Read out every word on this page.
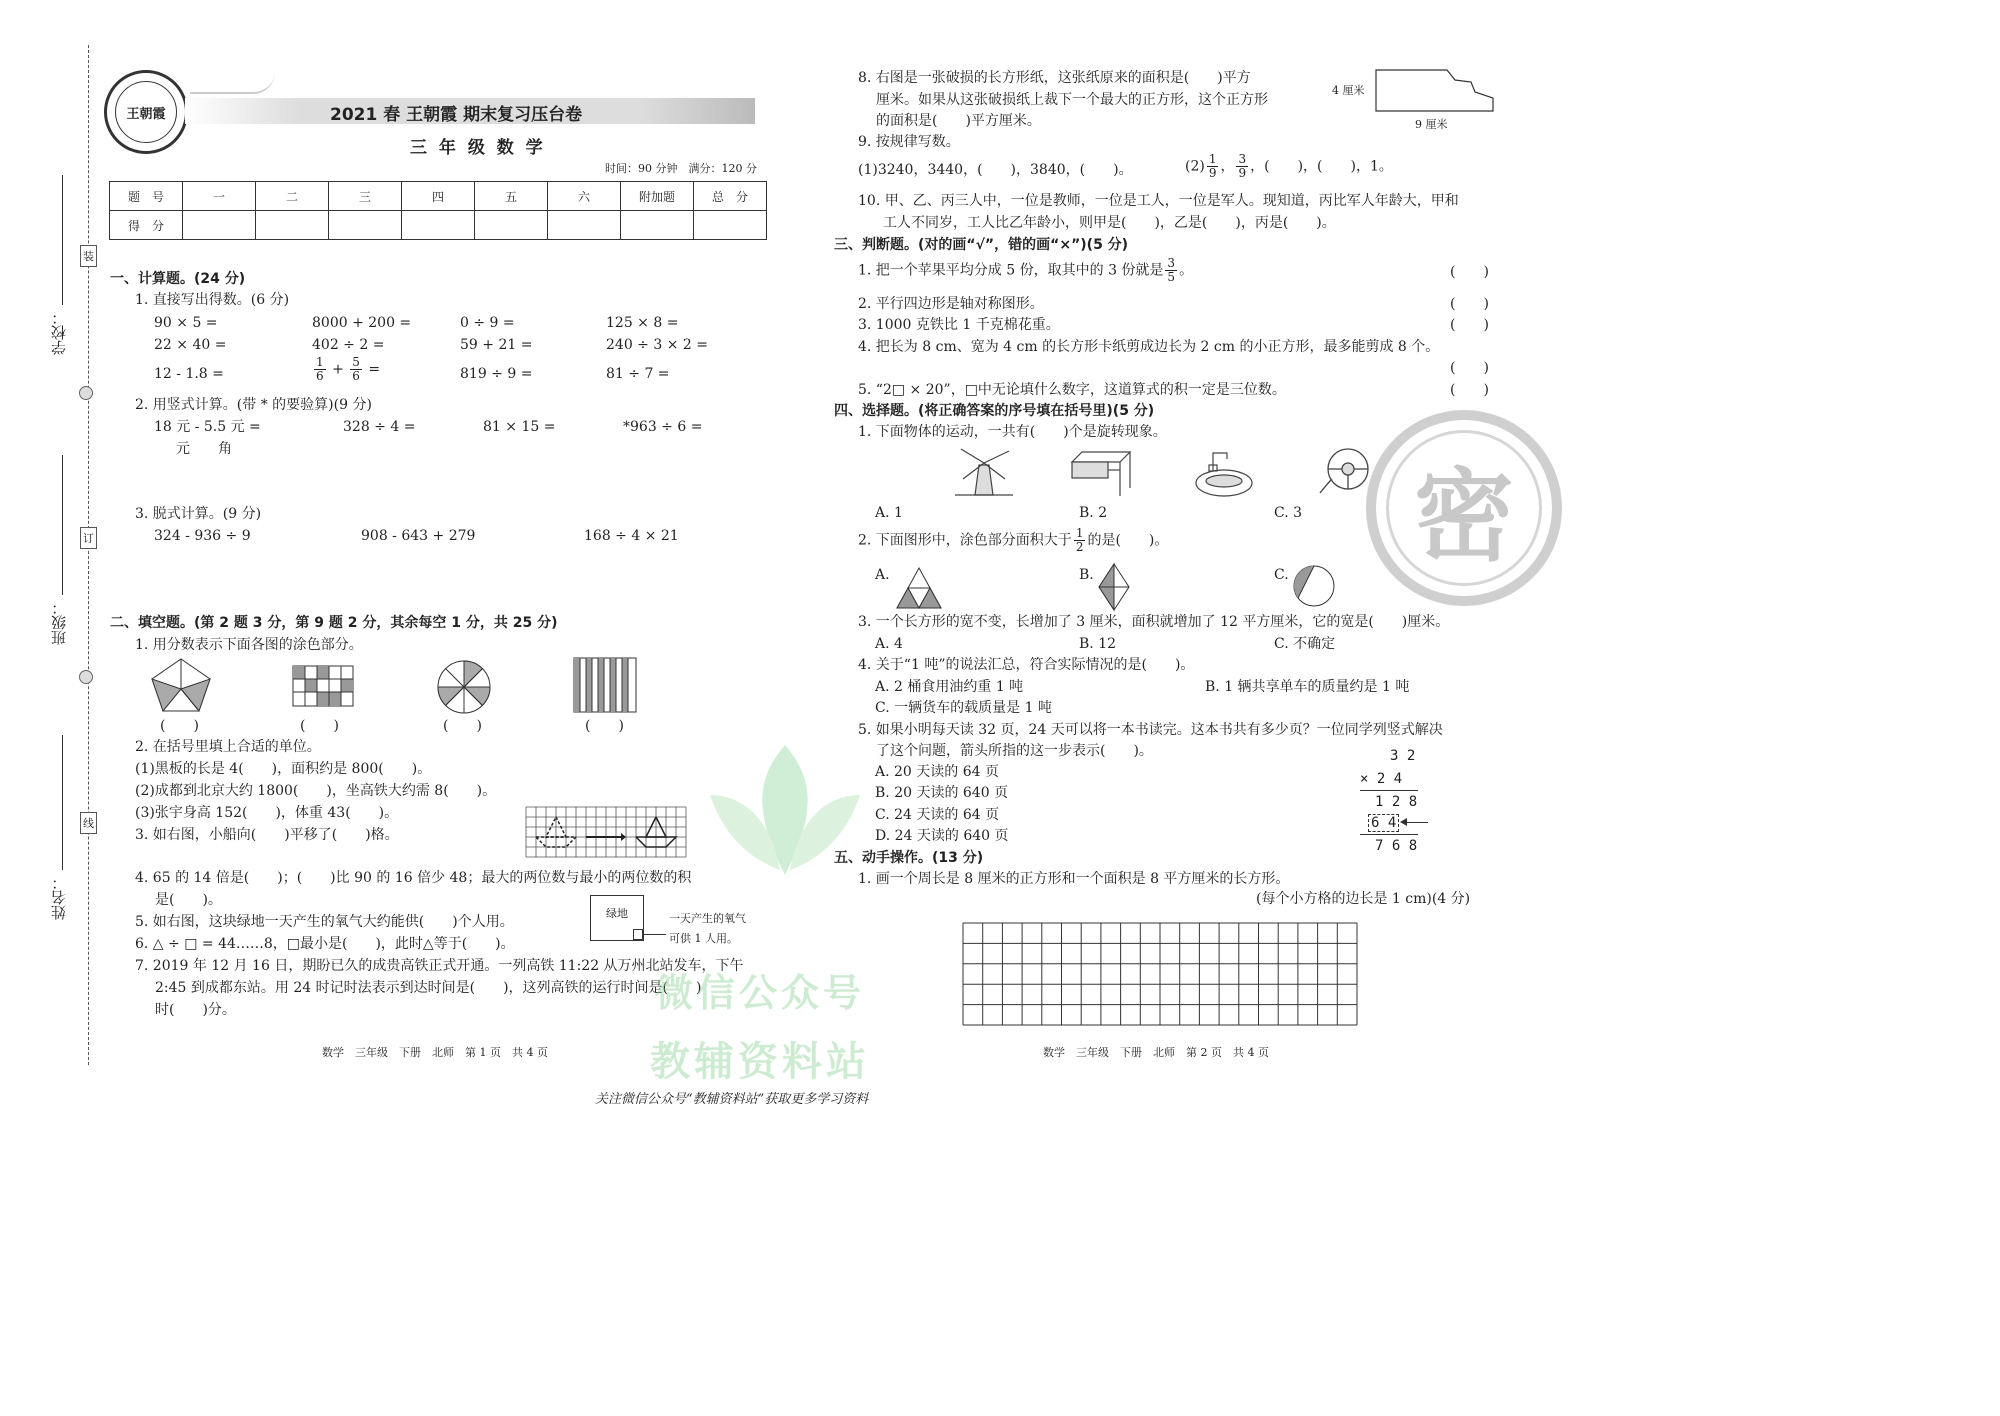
学校：
班级：
姓名：
装
订
线
王朝霞	2021 春 王朝霞 期末复习压台卷
三 年 级 数 学
时间：90 分钟　满分：120 分
题　号	一	二	三	四	五	六	附加题	总　分
得　分								
一、计算题。(24 分)
1. 直接写出得数。(6 分)
90 × 5 =	8000 + 200 =	0 ÷ 9 =	125 × 8 =
22 × 40 =	402 ÷ 2 =	59 + 21 =	240 ÷ 3 × 2 =
12 - 1.8 =	$\frac{1}{6} + \frac{5}{6}$ =	819 ÷ 9 =	81 ÷ 7 =
2. 用竖式计算。(带 * 的要验算)(9 分)
18 元 - 5.5 元 =	328 ÷ 4 =	81 × 15 =	*963 ÷ 6 =
元　　角
3. 脱式计算。(9 分)
324 - 936 ÷ 9	908 - 643 + 279	168 ÷ 4 × 21
二、填空题。(第 2 题 3 分，第 9 题 2 分，其余每空 1 分，共 25 分)
1. 用分数表示下面各图的涂色部分。
(　　)	(　　)	(　　)	(　　)
2. 在括号里填上合适的单位。
(1)黑板的长是 4(　　)，面积约是 800(　　)。
(2)成都到北京大约 1800(　　)，坐高铁大约需 8(　　)。
(3)张宇身高 152(　　)，体重 43(　　)。
3. 如右图，小船向(　　)平移了(　　)格。
4. 65 的 14 倍是(　　)；(　　)比 90 的 16 倍少 48；最大的两位数与最小的两位数的积
是(　　)。
5. 如右图，这块绿地一天产生的氧气大约能供(　　)个人用。
绿地	一天产生的氧气
可供 1 人用。
6. △ ÷ □ = 44……8，□最小是(　　)，此时△等于(　　)。
7. 2019 年 12 月 16 日，期盼已久的成贵高铁正式开通。一列高铁 11:22 从万州北站发车，下午
2:45 到成都东站。用 24 时记时法表示到达时间是(　　)，这列高铁的运行时间是(　　)
时(　　)分。
数学　三年级　下册　北师　第 1 页　共 4 页
8. 右图是一张破损的长方形纸，这张纸原来的面积是(　　)平方
厘米。如果从这张破损纸上裁下一个最大的正方形，这个正方形
的面积是(　　)平方厘米。
4 厘米
9 厘米
9. 按规律写数。
(1)3240，3440，(　　)，3840，(　　)。	$(2) \frac{1}{9}$ ， $\frac{3}{9}$ ，(　　)，(　　)，1。
10. 甲、乙、丙三人中，一位是教师，一位是工人，一位是军人。现知道，丙比军人年龄大，甲和
工人不同岁，工人比乙年龄小，则甲是(　　)，乙是(　　)，丙是(　　)。
三、判断题。(对的画“√”，错的画“×”)(5 分)
1. 把一个苹果平均分成 5 份，取其中的 3 份就是 $\frac{3}{5}$ 。	(　　)
2. 平行四边形是轴对称图形。	(　　)
3. 1000 克铁比 1 千克棉花重。	(　　)
4. 把长为 8 cm、宽为 4 cm 的长方形卡纸剪成边长为 2 cm 的小正方形，最多能剪成 8 个。
(　　)
5. “2□ × 20”，□中无论填什么数字，这道算式的积一定是三位数。	(　　)
四、选择题。(将正确答案的序号填在括号里)(5 分)
1. 下面物体的运动，一共有(　　)个是旋转现象。
A. 1	B. 2	C. 3
2. 下面图形中，涂色部分面积大于 $\frac{1}{2}$ 的是(　　)。
A.	B.	C.
3. 一个长方形的宽不变，长增加了 3 厘米，面积就增加了 12 平方厘米，它的宽是(　　)厘米。
A. 4	B. 12	C. 不确定
4. 关于“1 吨”的说法汇总，符合实际情况的是(　　)。
A. 2 桶食用油约重 1 吨	B. 1 辆共享单车的质量约是 1 吨
C. 一辆货车的载质量是 1 吨
5. 如果小明每天读 32 页，24 天可以将一本书读完。这本书共有多少页？一位同学列竖式解决
了这个问题，箭头所指的这一步表示(　　)。
A. 20 天读的 64 页
B. 20 天读的 640 页
C. 24 天读的 64 页
D. 24 天读的 640 页
3 2
× 2 4
1 2 8
6 4
7 6 8
五、动手操作。(13 分)
1. 画一个周长是 8 厘米的正方形和一个面积是 8 平方厘米的长方形。
(每个小方格的边长是 1 cm)(4 分)
数学　三年级　下册　北师　第 2 页　共 4 页
密
微信公众号
教辅资料站
关注微信公众号“教辅资料站”获取更多学习资料
